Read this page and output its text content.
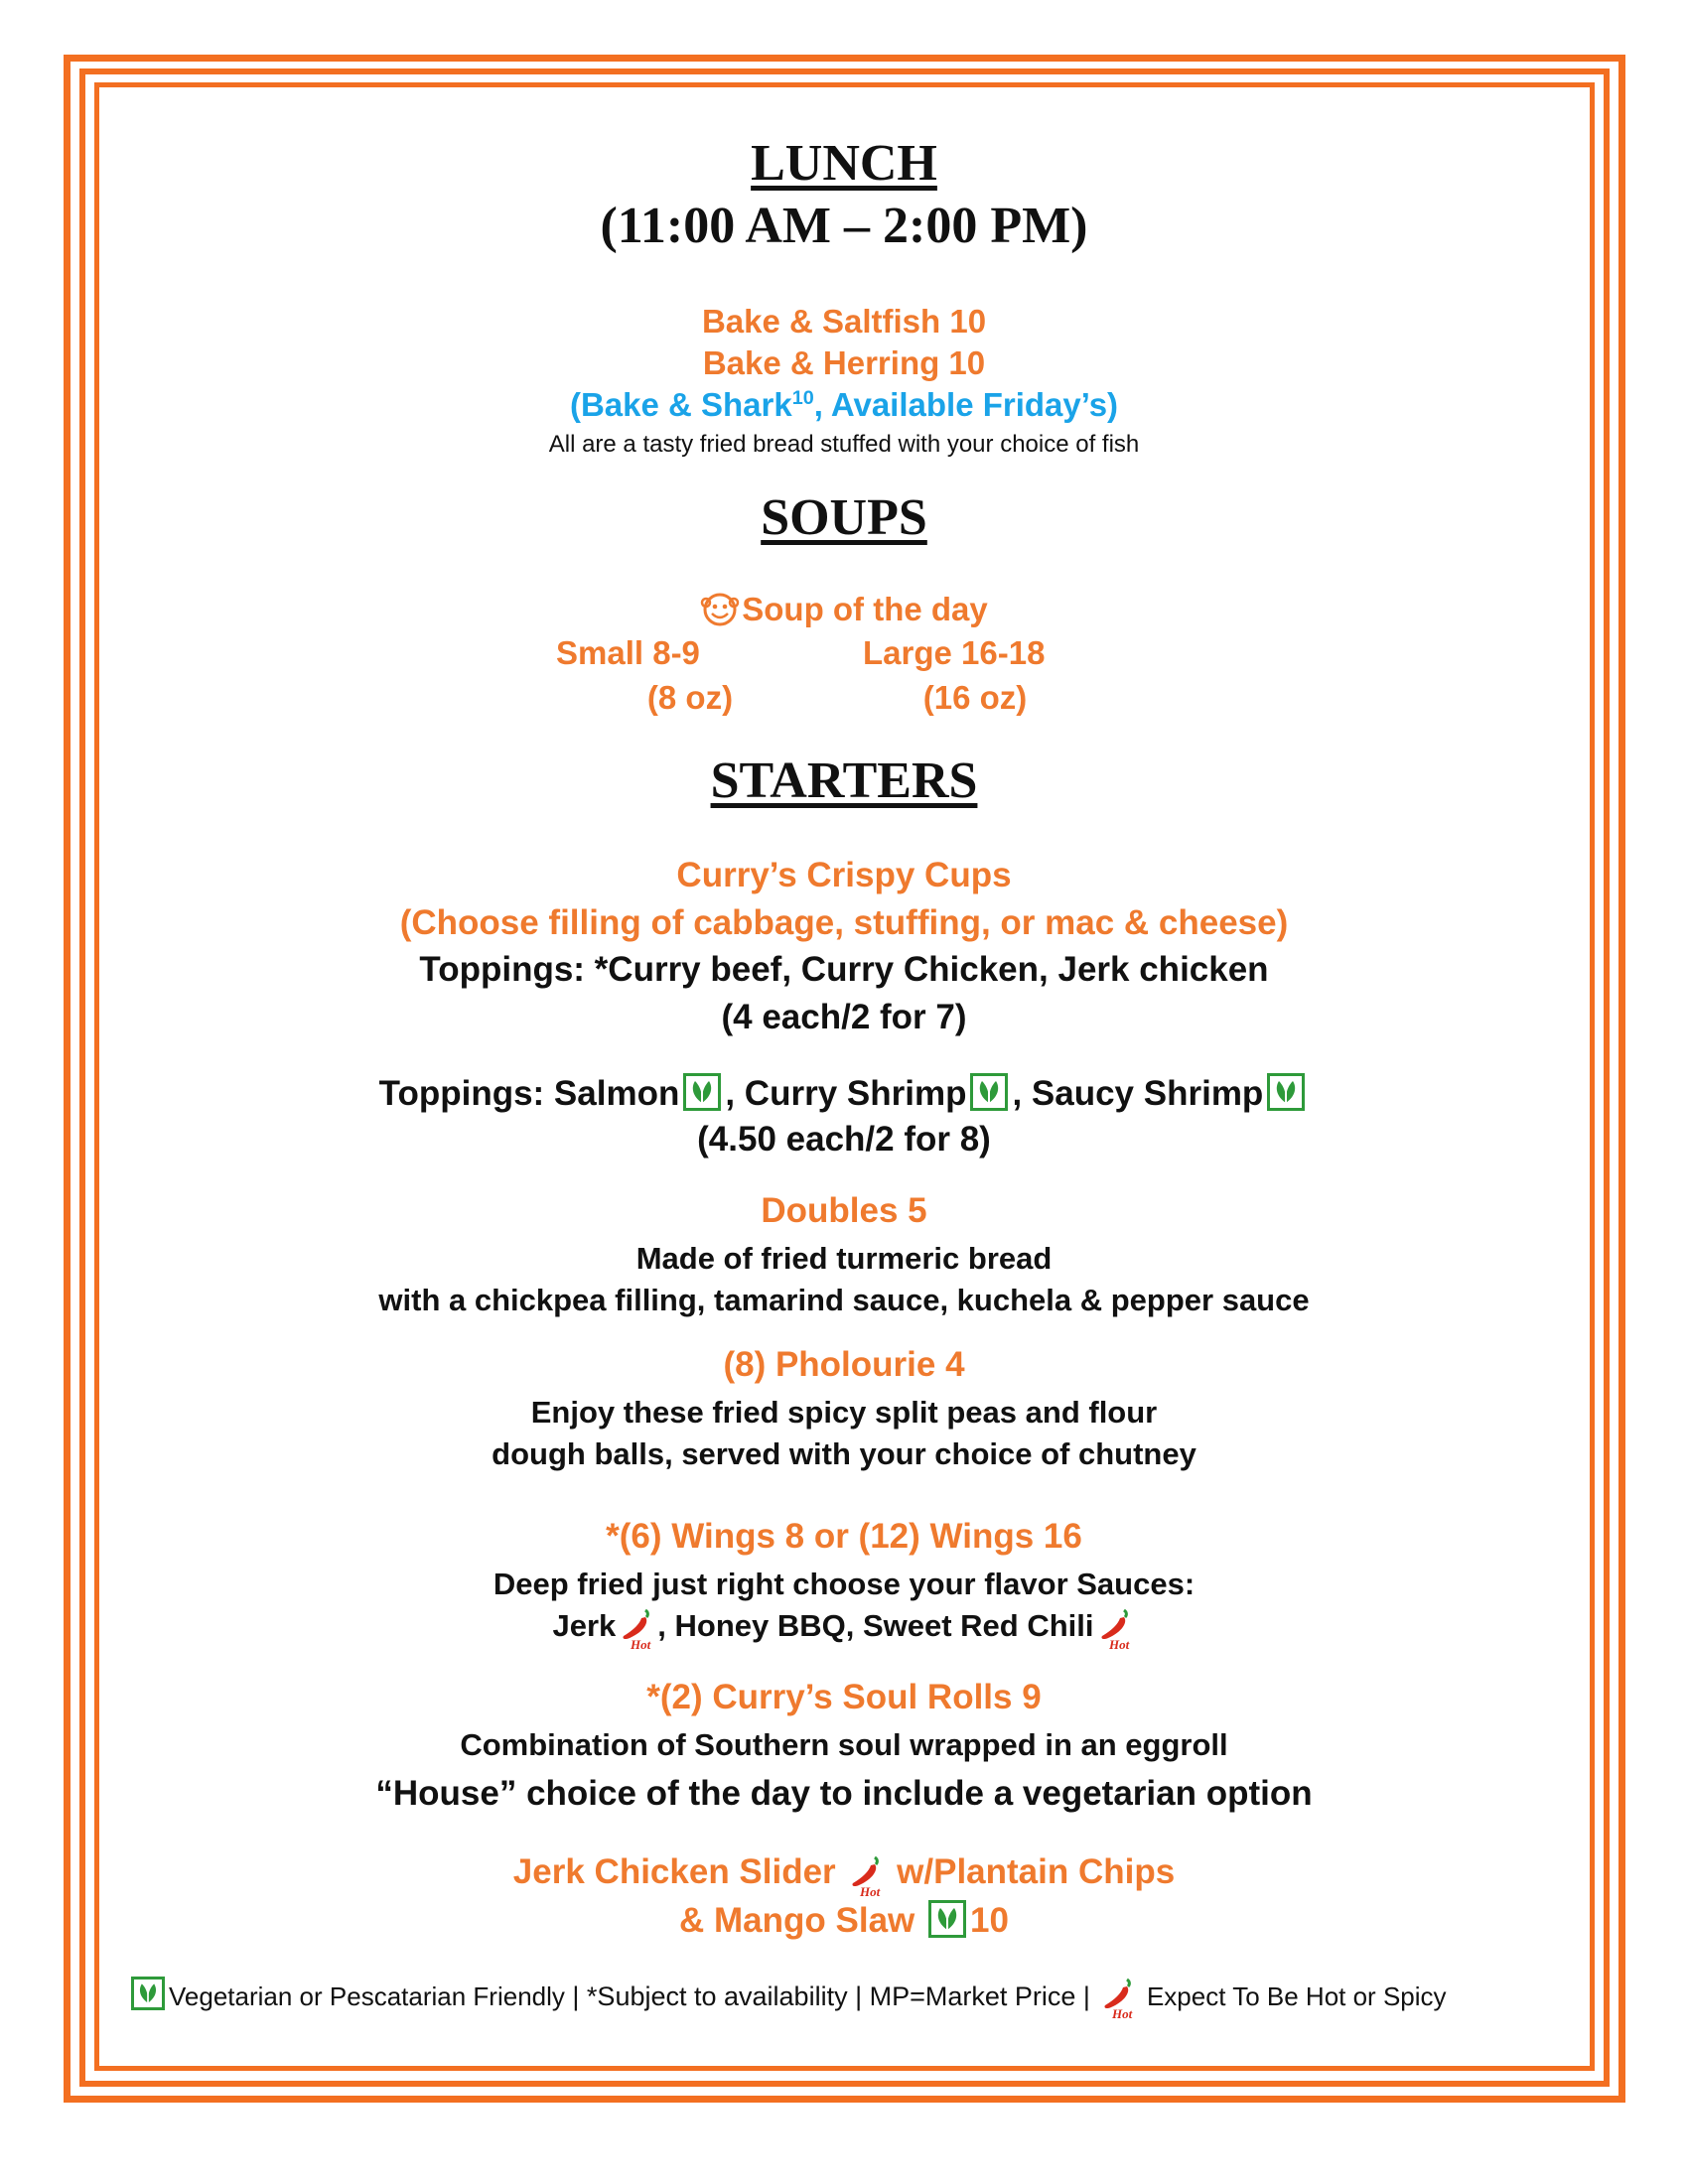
LUNCH
(11:00 AM – 2:00 PM)
Bake & Saltfish 10
Bake & Herring 10
(Bake & Shark$^{10}$, Available Friday’s)
All are a tasty fried bread stuffed with your choice of fish
SOUPS
Soup of the day
Small 8-9	Large 16-18
(8 oz)	(16 oz)
STARTERS
Curry’s Crispy Cups
(Choose filling of cabbage, stuffing, or mac & cheese)
Toppings: *Curry beef, Curry Chicken, Jerk chicken
(4 each/2 for 7)
Toppings: Salmon , Curry Shrimp , Saucy Shrimp
(4.50 each/2 for 8)
Doubles 5
Made of fried turmeric bread
with a chickpea filling, tamarind sauce, kuchela & pepper sauce
(8) Pholourie 4
Enjoy these fried spicy split peas and flour
dough balls, served with your choice of chutney
*(6) Wings 8 or (12) Wings 16
Deep fried just right choose your flavor Sauces:
Jerk
Hot
, Honey BBQ, Sweet Red Chili
Hot
*(2) Curry’s Soul Rolls 9
Combination of Southern soul wrapped in an eggroll
“House” choice of the day to include a vegetarian option
Jerk Chicken Slider
Hot
w/Plantain Chips
& Mango Slaw 10
Vegetarian or Pescatarian Friendly | *Subject to availability | MP=Market Price |
Hot
Expect To Be Hot or Spicy
